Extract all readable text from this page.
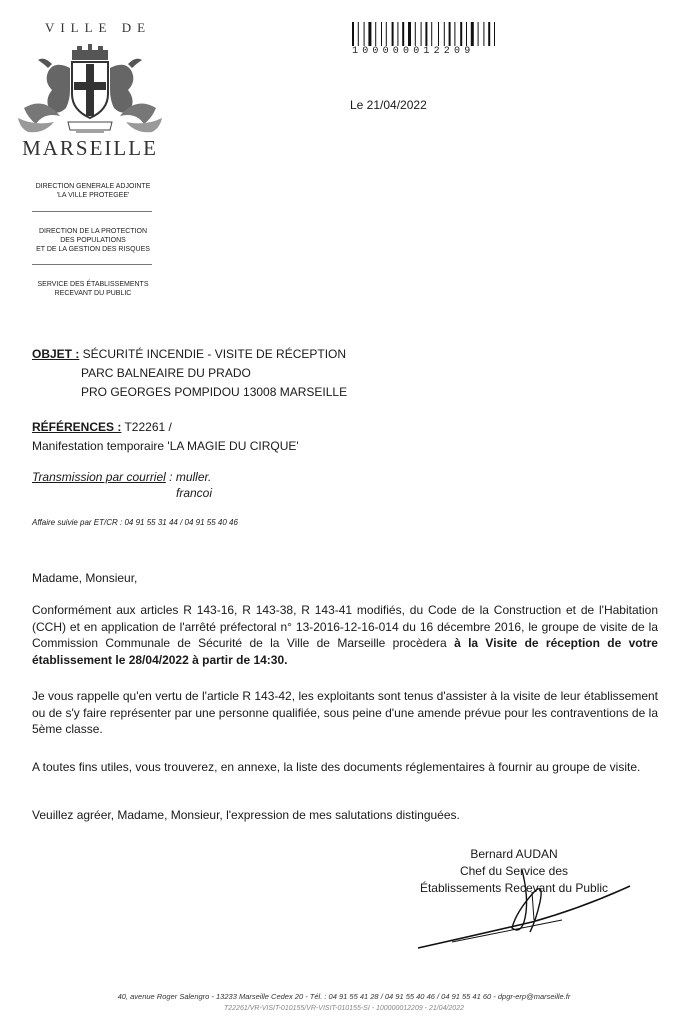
VILLE DE
MARSEILLE
DIRECTION GENERALE ADJOINTE
'LA VILLE PROTEGEE'
DIRECTION DE LA PROTECTION
DES POPULATIONS
ET DE LA GESTION DES RISQUES
SERVICE DES ÉTABLISSEMENTS
RECEVANT DU PUBLIC
100000012209
Le 21/04/2022
OBJET : SÉCURITÉ INCENDIE - VISITE DE RÉCEPTION
PARC BALNEAIRE DU PRADO
PRO GEORGES POMPIDOU 13008 MARSEILLE
RÉFÉRENCES : T22261 /
Manifestation temporaire 'LA MAGIE DU CIRQUE'
Transmission par courriel : muller.
francoi
Affaire suivie par ET/CR : 04 91 55 31 44 / 04 91 55 40 46
Madame, Monsieur,
Conformément aux articles R 143-16, R 143-38, R 143-41 modifiés, du Code de la Construction et de l'Habitation (CCH) et en application de l'arrêté préfectoral n° 13-2016-12-16-014 du 16 décembre 2016, le groupe de visite de la Commission Communale de Sécurité de la Ville de Marseille procèdera à la Visite de réception de votre établissement le 28/04/2022 à partir de 14:30.
Je vous rappelle qu'en vertu de l'article R 143-42, les exploitants sont tenus d'assister à la visite de leur établissement ou de s'y faire représenter par une personne qualifiée, sous peine d'une amende prévue pour les contraventions de la 5ème classe.
A toutes fins utiles, vous trouverez, en annexe, la liste des documents réglementaires à fournir au groupe de visite.
Veuillez agréer, Madame, Monsieur, l'expression de mes salutations distinguées.
Bernard AUDAN
Chef du Service des
Établissements Recevant du Public
40, avenue Roger Salengro - 13233 Marseille Cedex 20 - Tél. : 04 91 55 41 28 / 04 91 55 40 46 / 04 91 55 41 60 - dpgr-erp@marseille.fr
T22261/VR-VISIT-010155/VR-VISIT-010155-SI - 100000012209 - 21/04/2022
